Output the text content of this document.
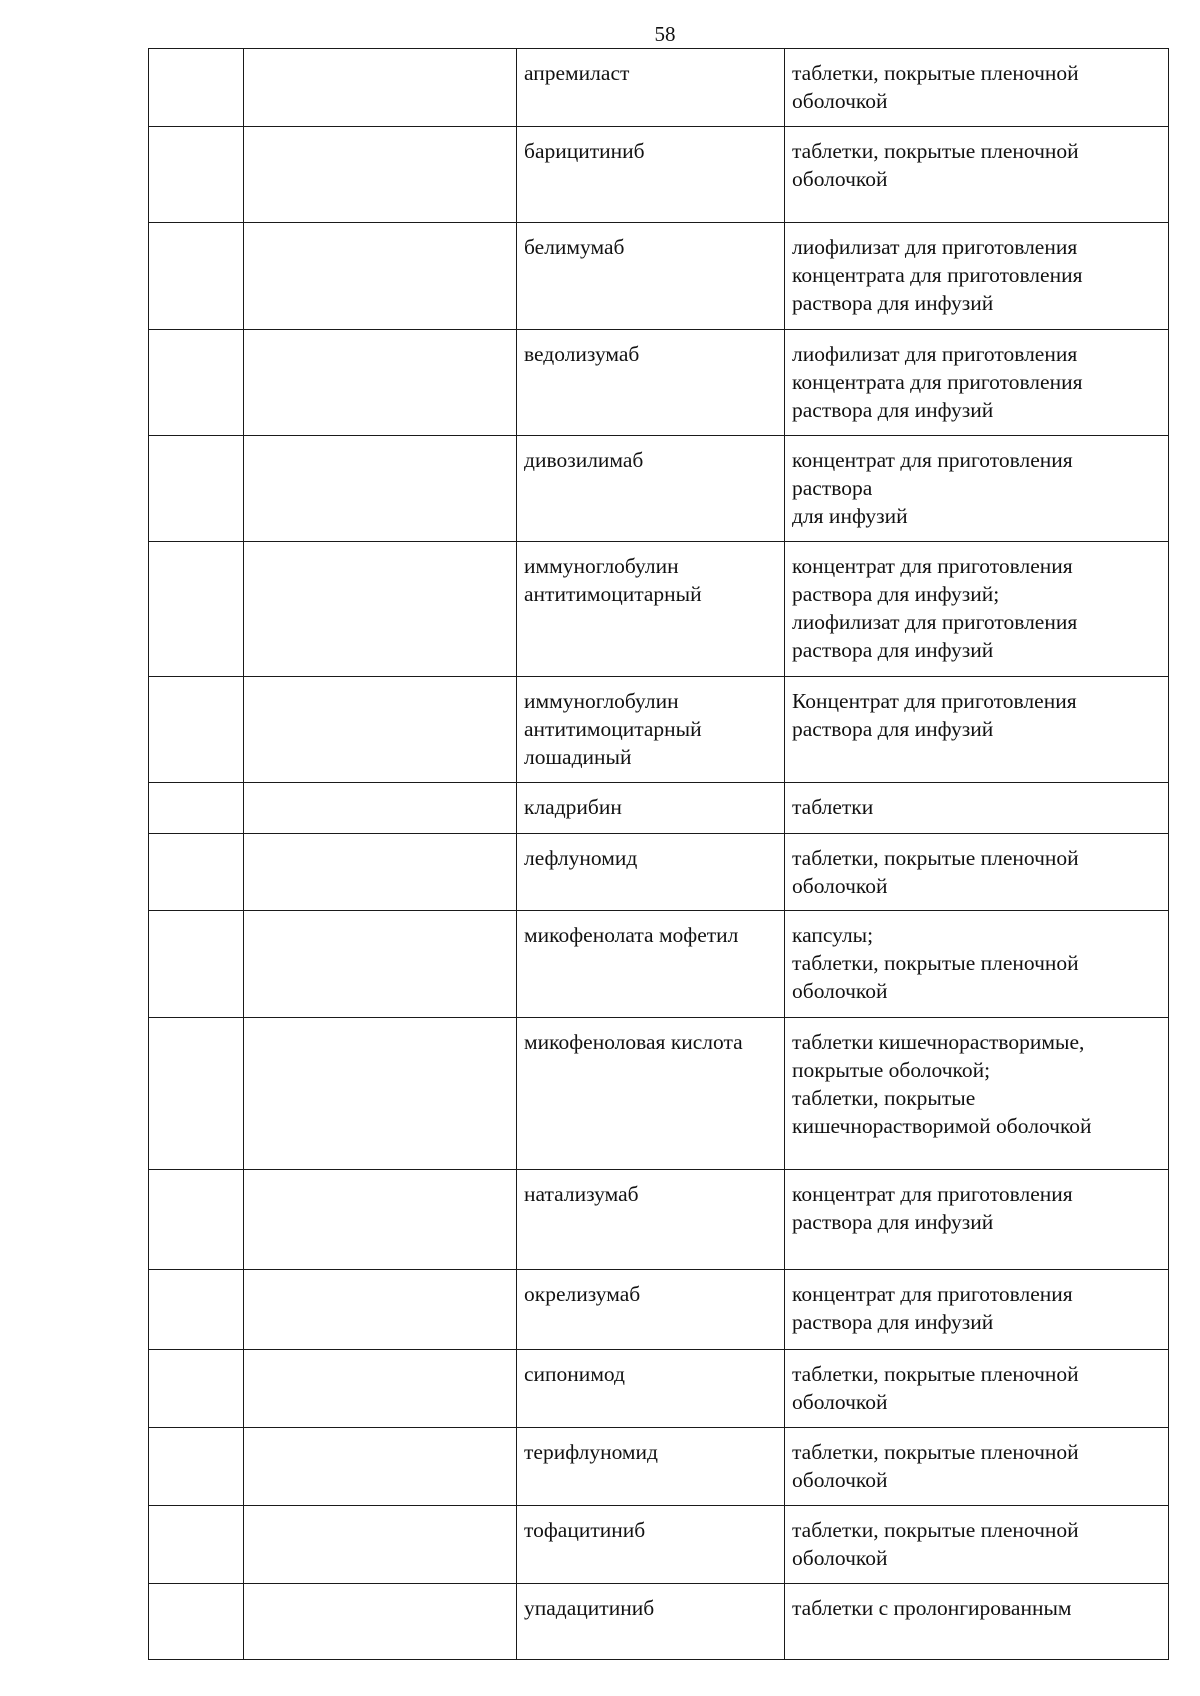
58
		апремиласт	таблетки, покрытые пленочной
оболочкой
		барицитиниб	таблетки, покрытые пленочной
оболочкой
		белимумаб	лиофилизат для приготовления
концентрата для приготовления
раствора для инфузий
		ведолизумаб	лиофилизат для приготовления
концентрата для приготовления
раствора для инфузий
		дивозилимаб	концентрат для приготовления
раствора
для инфузий
		иммуноглобулин
антитимоцитарный	концентрат для приготовления
раствора для инфузий;
лиофилизат для приготовления
раствора для инфузий
		иммуноглобулин
антитимоцитарный
лошадиный	Концентрат для приготовления
раствора для инфузий
		кладрибин	таблетки
		лефлуномид	таблетки, покрытые пленочной
оболочкой
		микофенолата мофетил	капсулы;
таблетки, покрытые пленочной
оболочкой
		микофеноловая кислота	таблетки кишечнорастворимые,
покрытые оболочкой;
таблетки, покрытые
кишечнорастворимой оболочкой
		натализумаб	концентрат для приготовления
раствора для инфузий
		окрелизумаб	концентрат для приготовления
раствора для инфузий
		сипонимод	таблетки, покрытые пленочной
оболочкой
		терифлуномид	таблетки, покрытые пленочной
оболочкой
		тофацитиниб	таблетки, покрытые пленочной
оболочкой
		упадацитиниб	таблетки с пролонгированным
